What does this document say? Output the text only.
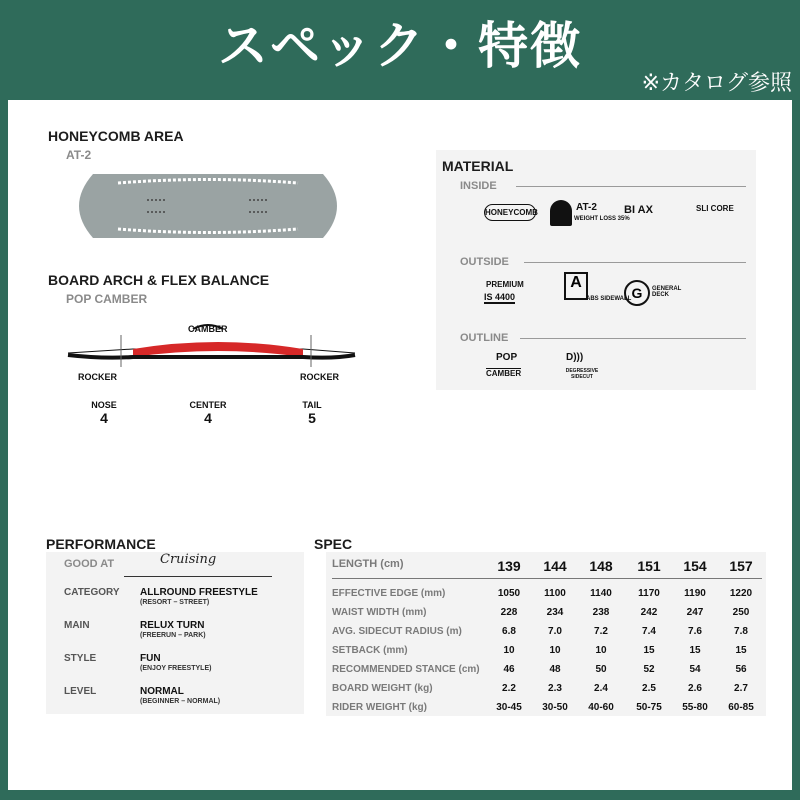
スペック・特徴
※カタログ参照
HONEYCOMB AREA
AT-2
BOARD ARCH & FLEX BALANCE
POP CAMBER
CAMBER
ROCKER	ROCKER
NOSE
4
CENTER
4
TAIL
5
MATERIAL
INSIDE
HONEYCOMB	AT-2
WEIGHT LOSS 35%
BI AX	SLI CORE
OUTSIDE
PREMIUM
IS 4400
A
ABS SIDEWALL G	GENERAL DECK
OUTLINE
POP
CAMBER
D)))
DEGRESSIVE SIDECUT
PERFORMANCE
GOOD AT	Cruising
CATEGORY ALLROUND FREESTYLE
(RESORT – STREET)
MAIN	RELUX TURN
(FREERUN – PARK)
STYLE	FUN
(ENJOY FREESTYLE)
LEVEL	NORMAL
(BEGINNER – NORMAL)
SPEC
LENGTH (cm)	139	144	148	151	154	157
EFFECTIVE EDGE (mm)	1050	1100	1140	1170	1190	1220
WAIST WIDTH (mm)	228	234	238	242	247	250
AVG. SIDECUT RADIUS (m)	6.8	7.0	7.2	7.4	7.6	7.8
SETBACK (mm)	10	10	10	15	15	15
RECOMMENDED STANCE (cm)	46	48	50	52	54	56
BOARD WEIGHT (kg)	2.2	2.3	2.4	2.5	2.6	2.7
RIDER WEIGHT (kg)	30-45	30-50	40-60	50-75	55-80	60-85
